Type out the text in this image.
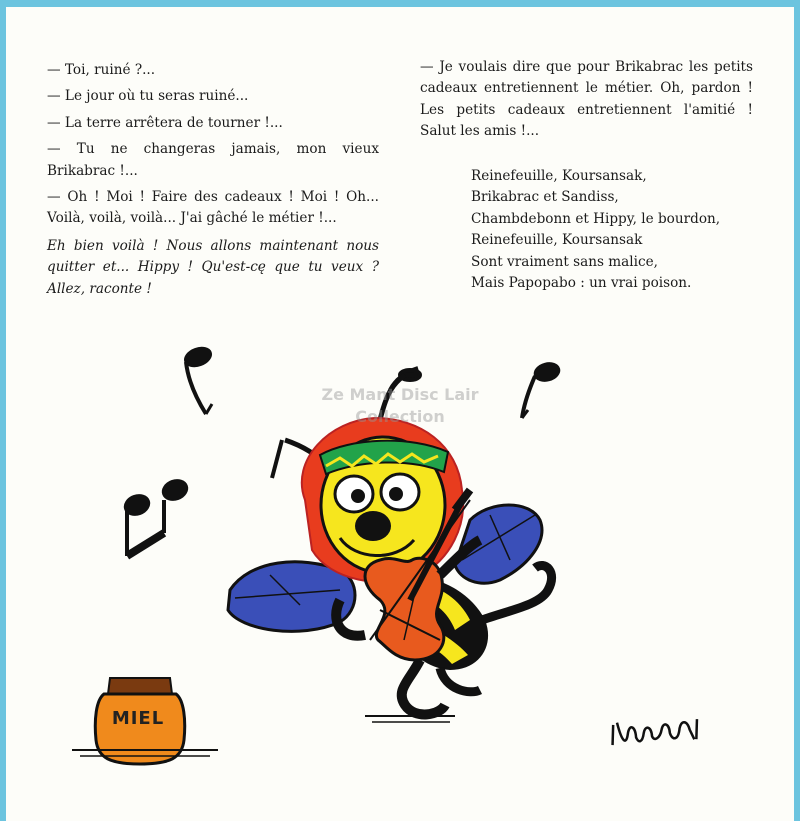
— Toi, ruiné ?...

— Le jour où tu seras ruiné...

— La terre arrêtera de tourner !...

— Tu ne changeras jamais, mon vieux Brikabrac !...

— Oh ! Moi ! Faire des cadeaux ! Moi ! Oh... Voilà, voilà, voilà... J'ai gâché le métier !...

Eh bien voilà ! Nous allons maintenant nous quitter et... Hippy ! Qu'est-cę que tu veux ? Allez, raconte !

— Je voulais dire que pour Brikabrac les petits cadeaux entretiennent le métier. Oh, pardon ! Les petits cadeaux entretiennent l'amitié ! Salut les amis !...

Reinefeuille, Koursansak,
Brikabrac et Sandiss,
Chambdebonn et Hippy, le bourdon,
Reinefeuille, Koursansak
Sont vraiment sans malice,
Mais Papopabo : un vrai poison.
MIEL
Ze Mant Disc Lair
Collection
